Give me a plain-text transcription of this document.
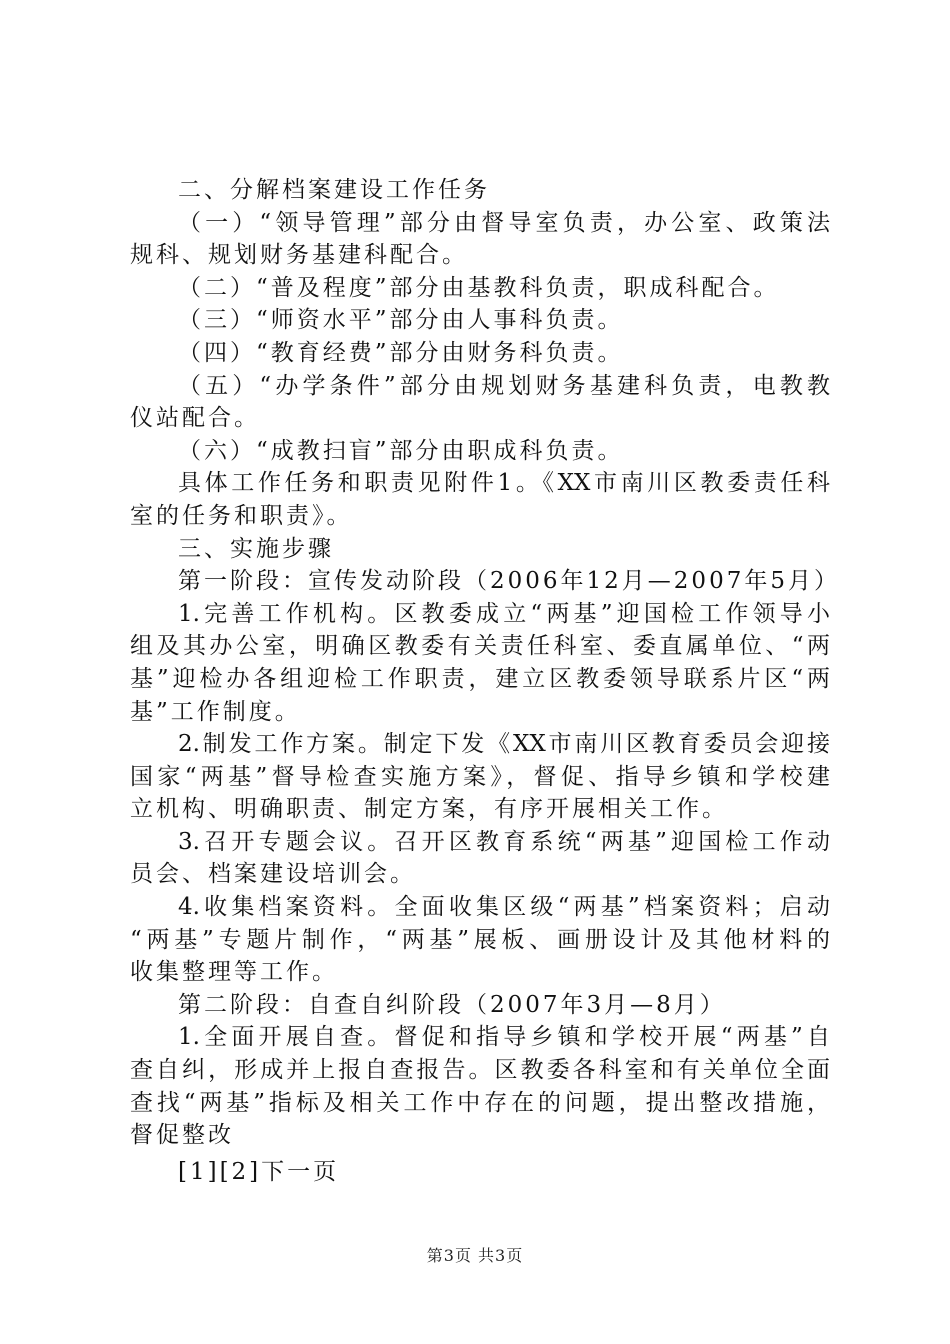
二、分解档案建设工作任务
（一）“领导管理”部分由督导室负责，办公室、政策法
规科、规划财务基建科配合。
（二）“普及程度”部分由基教科负责，职成科配合。
（三）“师资水平”部分由人事科负责。
（四）“教育经费”部分由财务科负责。
（五）“办学条件”部分由规划财务基建科负责，电教教
仪站配合。
（六）“成教扫盲”部分由职成科负责。
具体工作任务和职责见附件1。《XX市南川区教委责任科
室的任务和职责》。
三、实施步骤
第一阶段：宣传发动阶段（2006年12月—2007年5月）
1.完善工作机构。区教委成立“两基”迎国检工作领导小
组及其办公室，明确区教委有关责任科室、委直属单位、“两
基”迎检办各组迎检工作职责，建立区教委领导联系片区“两
基”工作制度。
2.制发工作方案。制定下发《XX市南川区教育委员会迎接
国家“两基”督导检查实施方案》，督促、指导乡镇和学校建
立机构、明确职责、制定方案，有序开展相关工作。
3.召开专题会议。召开区教育系统“两基”迎国检工作动
员会、档案建设培训会。
4.收集档案资料。全面收集区级“两基”档案资料；启动
“两基”专题片制作，“两基”展板、画册设计及其他材料的
收集整理等工作。
第二阶段：自查自纠阶段（2007年3月—8月）
1.全面开展自查。督促和指导乡镇和学校开展“两基”自
查自纠，形成并上报自查报告。区教委各科室和有关单位全面
查找“两基”指标及相关工作中存在的问题，提出整改措施，
督促整改
[1][2]下一页
第3页 共3页
